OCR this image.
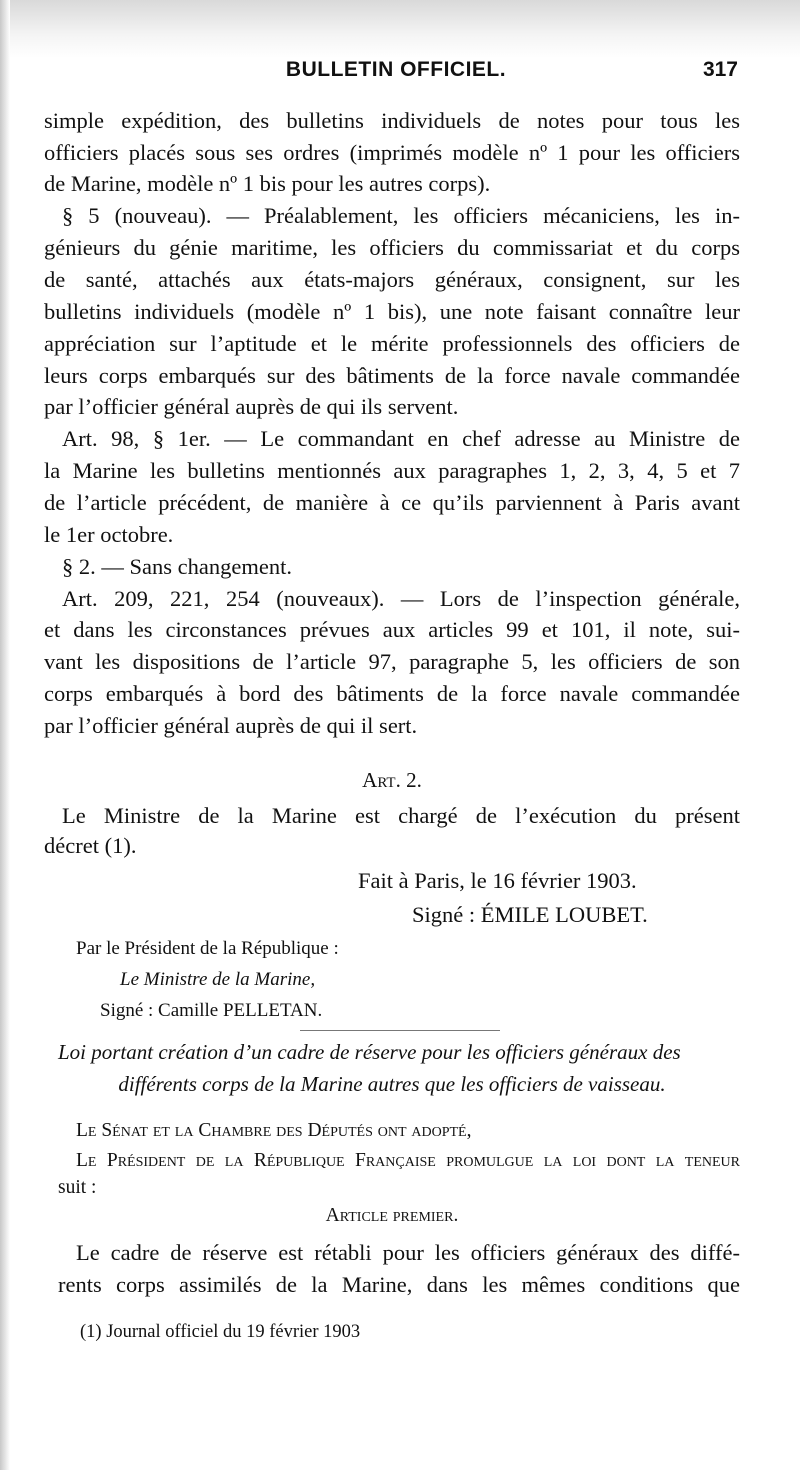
BULLETIN OFFICIEL.	317
simple expédition, des bulletins individuels de notes pour tous les
officiers placés sous ses ordres (imprimés modèle nº 1 pour les officiers
de Marine, modèle nº 1 bis pour les autres corps).
§ 5 (nouveau). — Préalablement, les officiers mécaniciens, les in-
génieurs du génie maritime, les officiers du commissariat et du corps
de santé, attachés aux états-majors généraux, consignent, sur les
bulletins individuels (modèle nº 1 bis), une note faisant connaître leur
appréciation sur l’aptitude et le mérite professionnels des officiers de
leurs corps embarqués sur des bâtiments de la force navale commandée
par l’officier général auprès de qui ils servent.
Art. 98, § 1er. — Le commandant en chef adresse au Ministre de
la Marine les bulletins mentionnés aux paragraphes 1, 2, 3, 4, 5 et 7
de l’article précédent, de manière à ce qu’ils parviennent à Paris avant
le 1er octobre.
§ 2. — Sans changement.
Art. 209, 221, 254 (nouveaux). — Lors de l’inspection générale,
et dans les circonstances prévues aux articles 99 et 101, il note, sui-
vant les dispositions de l’article 97, paragraphe 5, les officiers de son
corps embarqués à bord des bâtiments de la force navale commandée
par l’officier général auprès de qui il sert.
Art. 2.
Le Ministre de la Marine est chargé de l’exécution du présent
décret (1).
Fait à Paris, le 16 février 1903.
Signé : ÉMILE LOUBET.
Par le Président de la République :
Le Ministre de la Marine,
Signé : Camille PELLETAN.
Loi portant création d’un cadre de réserve pour les officiers généraux des
différents corps de la Marine autres que les officiers de vaisseau.
Le Sénat et la Chambre des Députés ont adopté,
Le Président de la République Française promulgue la loi dont la teneur
suit :
Article premier.
Le cadre de réserve est rétabli pour les officiers généraux des diffé-
rents corps assimilés de la Marine, dans les mêmes conditions que
(1) Journal officiel du 19 février 1903
